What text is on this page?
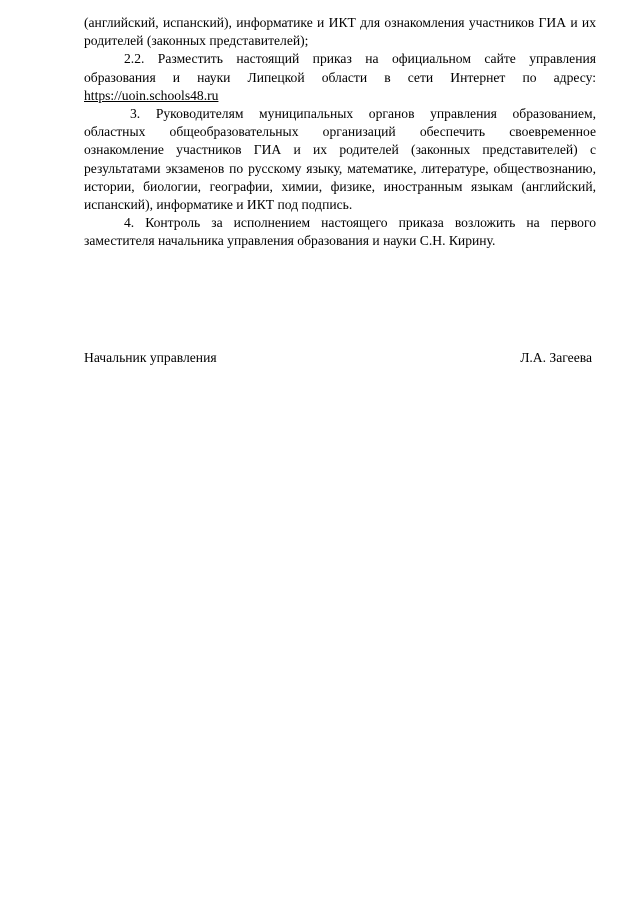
(английский, испанский), информатике и ИКТ для ознакомления участников ГИА и их родителей (законных представителей);

2.2. Разместить настоящий приказ на официальном сайте управления образования и науки Липецкой области в сети Интернет по адресу: https://uoin.schools48.ru

3. Руководителям муниципальных органов управления образованием, областных общеобразовательных организаций обеспечить своевременное ознакомление участников ГИА и их родителей (законных представителей) с результатами экзаменов по русскому языку, математике, литературе, обществознанию, истории, биологии, географии, химии, физике, иностранным языкам (английский, испанский), информатике и ИКТ под подпись.

4. Контроль за исполнением настоящего приказа возложить на первого заместителя начальника управления образования и науки С.Н. Кирину.

Начальник управления	Л.А. Загеева
